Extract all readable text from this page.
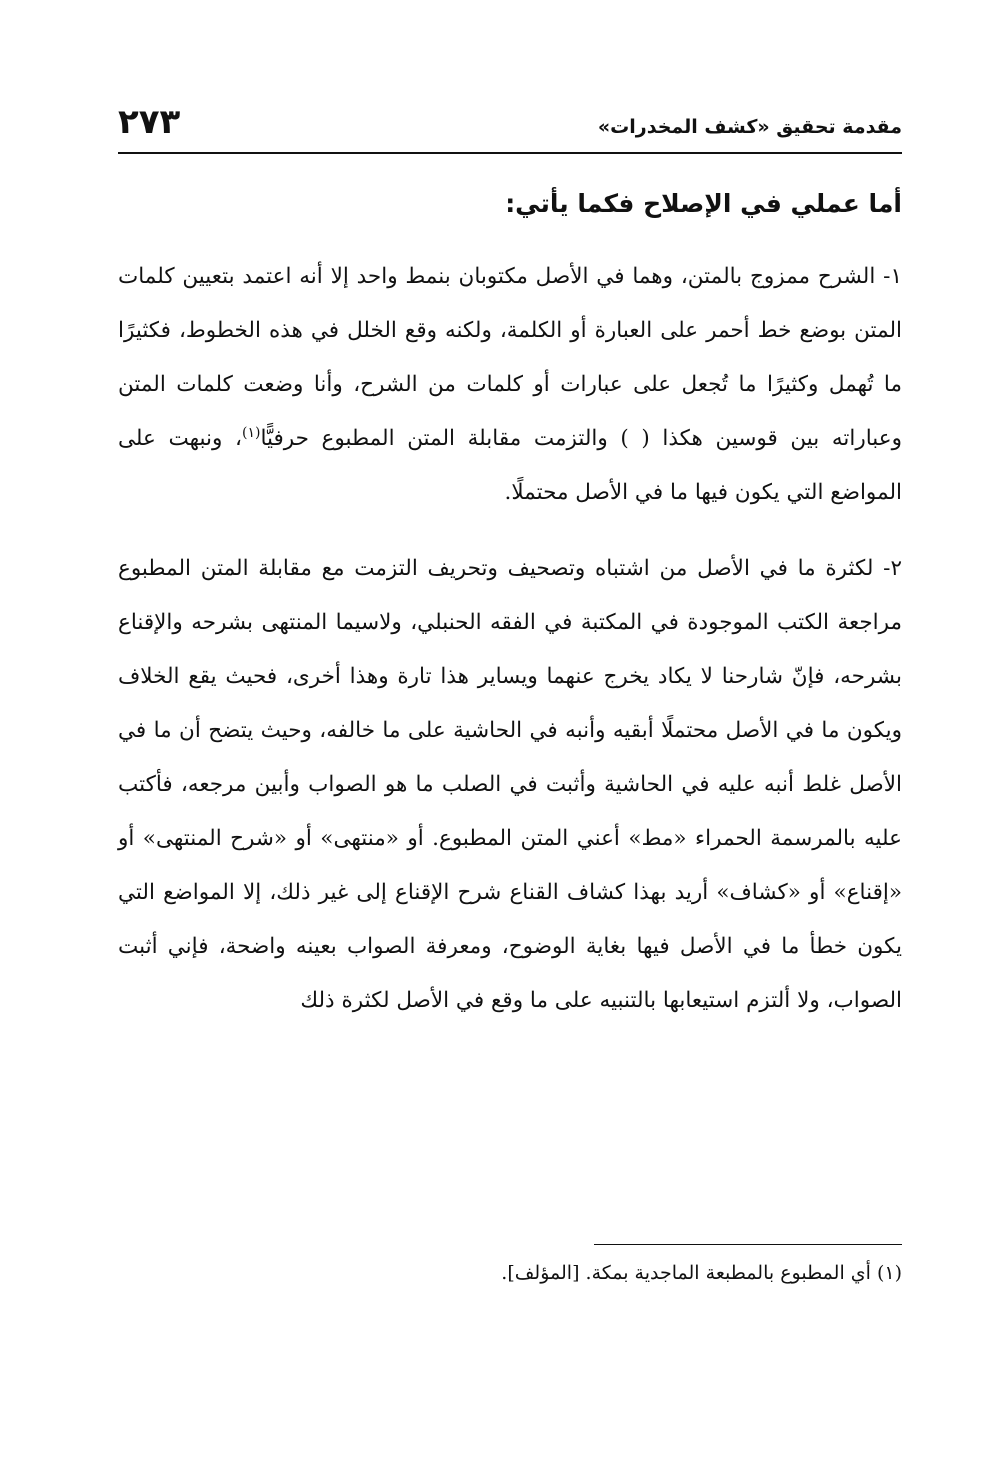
مقدمة تحقيق «كشف المخدرات»
٢٧٣
أما عملي في الإصلاح فكما يأتي:

١- الشرح ممزوج بالمتن، وهما في الأصل مكتوبان بنمط واحد إلا أنه اعتمد بتعيين كلمات المتن بوضع خط أحمر على العبارة أو الكلمة، ولكنه وقع الخلل في هذه الخطوط، فكثيرًا ما تُهمل وكثيرًا ما تُجعل على عبارات أو كلمات من الشرح، وأنا وضعت كلمات المتن وعباراته بين قوسين هكذا ( ) والتزمت مقابلة المتن المطبوع حرفيًّا$^{(١)}$، ونبهت على المواضع التي يكون فيها ما في الأصل محتملًا.

٢- لكثرة ما في الأصل من اشتباه وتصحيف وتحريف التزمت مع مقابلة المتن المطبوع مراجعة الكتب الموجودة في المكتبة في الفقه الحنبلي، ولاسيما المنتهى بشرحه والإقناع بشرحه، فإنّ شارحنا لا يكاد يخرج عنهما ويساير هذا تارة وهذا أخرى، فحيث يقع الخلاف ويكون ما في الأصل محتملًا أبقيه وأنبه في الحاشية على ما خالفه، وحيث يتضح أن ما في الأصل غلط أنبه عليه في الحاشية وأثبت في الصلب ما هو الصواب وأبين مرجعه، فأكتب عليه بالمرسمة الحمراء «مط» أعني المتن المطبوع. أو «منتهى» أو «شرح المنتهى» أو «إقناع» أو «كشاف» أريد بهذا كشاف القناع شرح الإقناع إلى غير ذلك، إلا المواضع التي يكون خطأ ما في الأصل فيها بغاية الوضوح، ومعرفة الصواب بعينه واضحة، فإني أثبت الصواب، ولا ألتزم استيعابها بالتنبيه على ما وقع في الأصل لكثرة ذلك

(١) أي المطبوع بالمطبعة الماجدية بمكة. [المؤلف].
